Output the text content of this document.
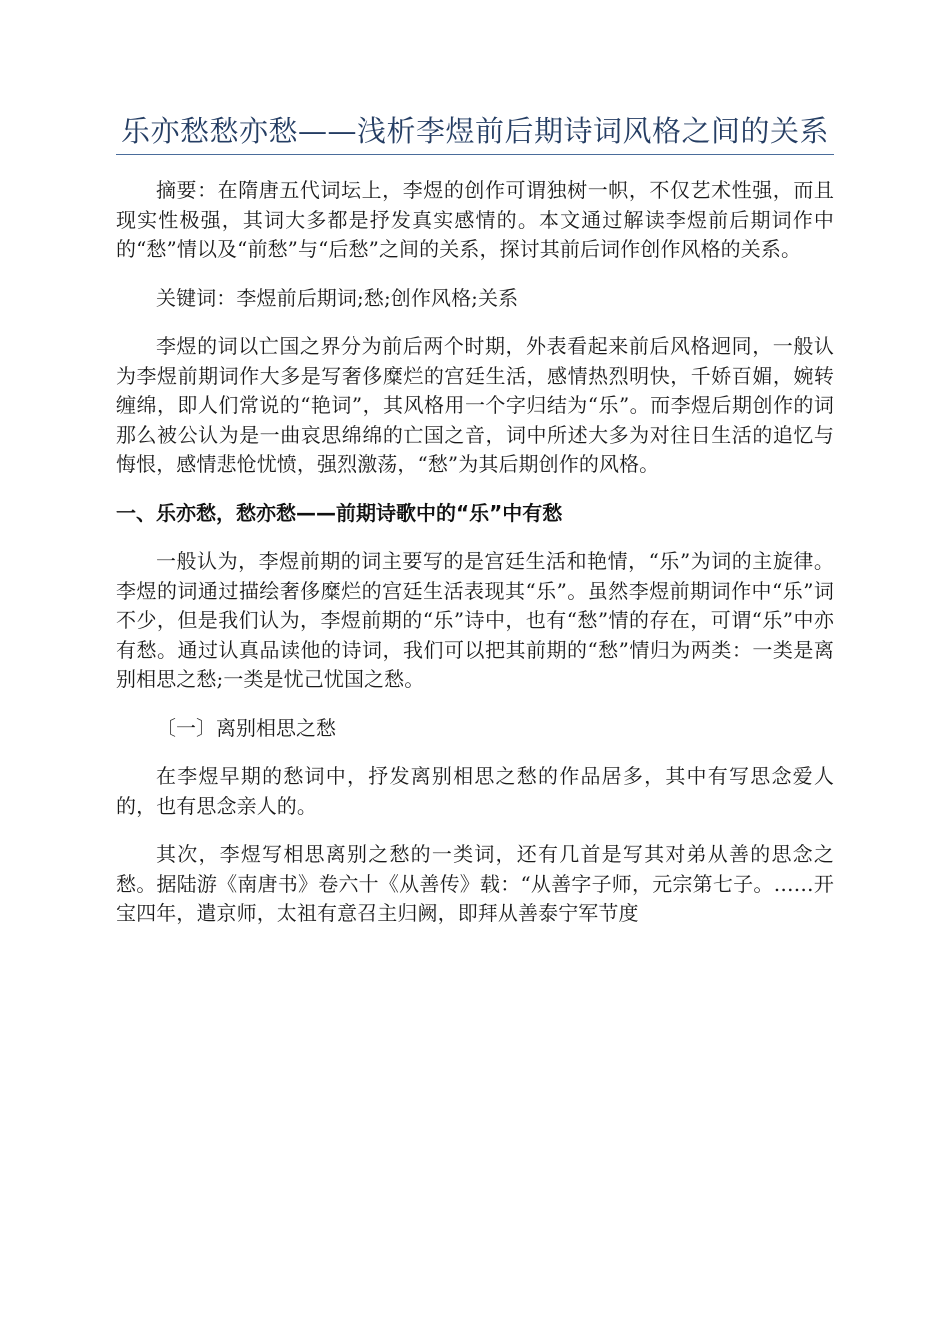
乐亦愁愁亦愁——浅析李煜前后期诗词风格之间的关系

摘要：在隋唐五代词坛上，李煜的创作可谓独树一帜，不仅艺术性强，而且现实性极强，其词大多都是抒发真实感情的。本文通过解读李煜前后期词作中的“愁”情以及“前愁”与“后愁”之间的关系，探讨其前后词作创作风格的关系。

关键词：李煜前后期词;愁;创作风格;关系

李煜的词以亡国之界分为前后两个时期，外表看起来前后风格迥同，一般认为李煜前期词作大多是写奢侈糜烂的宫廷生活，感情热烈明快，千娇百媚，婉转缠绵，即人们常说的“艳词”，其风格用一个字归结为“乐”。而李煜后期创作的词那么被公认为是一曲哀思绵绵的亡国之音，词中所述大多为对往日生活的追忆与悔恨，感情悲怆忧愤，强烈激荡，“愁”为其后期创作的风格。

一、乐亦愁，愁亦愁——前期诗歌中的“乐”中有愁

一般认为，李煜前期的词主要写的是宫廷生活和艳情，“乐”为词的主旋律。李煜的词通过描绘奢侈糜烂的宫廷生活表现其“乐”。虽然李煜前期词作中“乐”词不少，但是我们认为，李煜前期的“乐”诗中，也有“愁”情的存在，可谓“乐”中亦有愁。通过认真品读他的诗词，我们可以把其前期的“愁”情归为两类：一类是离别相思之愁;一类是忧己忧国之愁。

〔一〕离别相思之愁

在李煜早期的愁词中，抒发离别相思之愁的作品居多，其中有写思念爱人的，也有思念亲人的。

其次，李煜写相思离别之愁的一类词，还有几首是写其对弟从善的思念之愁。据陆游《南唐书》卷六十《从善传》载：“从善字子师，元宗第七子。……开宝四年，遣京师，太祖有意召主归阙，即拜从善泰宁军节度
